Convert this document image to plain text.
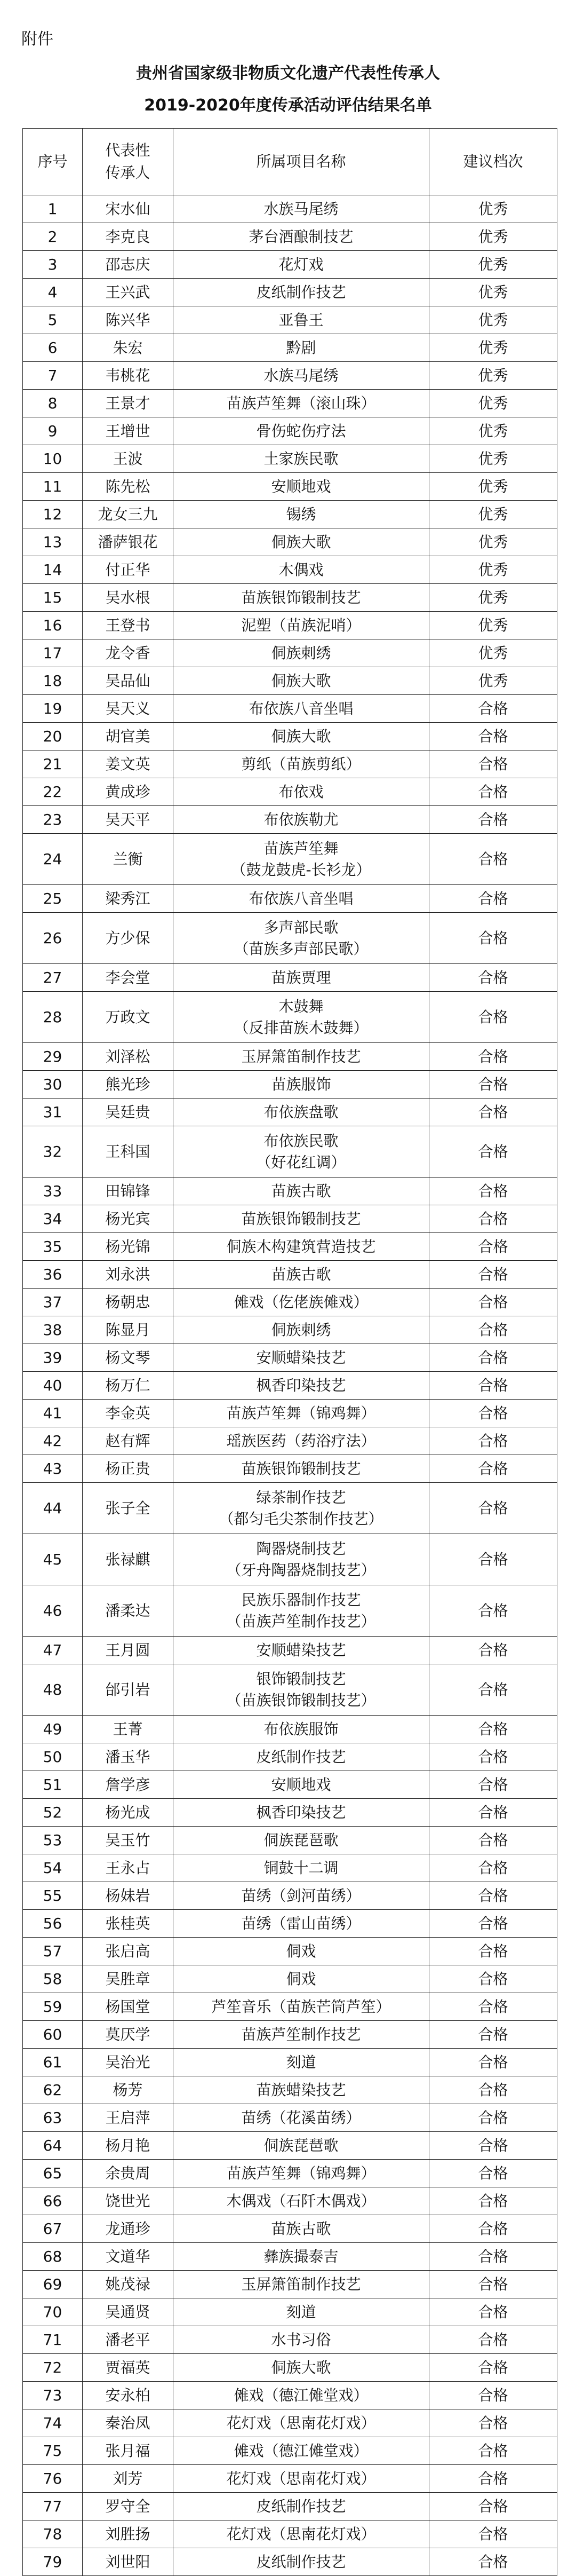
附件
贵州省国家级非物质文化遗产代表性传承人
2019-2020年度传承活动评估结果名单
序号	代表性传承人	所属项目名称	建议档次
1	宋水仙	水族马尾绣	优秀
2	李克良	茅台酒酿制技艺	优秀
3	邵志庆	花灯戏	优秀
4	王兴武	皮纸制作技艺	优秀
5	陈兴华	亚鲁王	优秀
6	朱宏	黔剧	优秀
7	韦桃花	水族马尾绣	优秀
8	王景才	苗族芦笙舞（滚山珠）	优秀
9	王增世	骨伤蛇伤疗法	优秀
10	王波	土家族民歌	优秀
11	陈先松	安顺地戏	优秀
12	龙女三九	锡绣	优秀
13	潘萨银花	侗族大歌	优秀
14	付正华	木偶戏	优秀
15	吴水根	苗族银饰锻制技艺	优秀
16	王登书	泥塑（苗族泥哨）	优秀
17	龙令香	侗族刺绣	优秀
18	吴品仙	侗族大歌	优秀
19	吴天义	布依族八音坐唱	合格
20	胡官美	侗族大歌	合格
21	姜文英	剪纸（苗族剪纸）	合格
22	黄成珍	布依戏	合格
23	吴天平	布依族勒尤	合格
24	兰衡	苗族芦笙舞
（鼓龙鼓虎-长衫龙）	合格
25	梁秀江	布依族八音坐唱	合格
26	方少保	多声部民歌
（苗族多声部民歌）	合格
27	李会堂	苗族贾理	合格
28	万政文	木鼓舞
（反排苗族木鼓舞）	合格
29	刘泽松	玉屏箫笛制作技艺	合格
30	熊光珍	苗族服饰	合格
31	吴廷贵	布依族盘歌	合格
32	王科国	布依族民歌
（好花红调）	合格
33	田锦锋	苗族古歌	合格
34	杨光宾	苗族银饰锻制技艺	合格
35	杨光锦	侗族木构建筑营造技艺	合格
36	刘永洪	苗族古歌	合格
37	杨朝忠	傩戏（仡佬族傩戏）	合格
38	陈显月	侗族刺绣	合格
39	杨文琴	安顺蜡染技艺	合格
40	杨万仁	枫香印染技艺	合格
41	李金英	苗族芦笙舞（锦鸡舞）	合格
42	赵有辉	瑶族医药（药浴疗法）	合格
43	杨正贵	苗族银饰锻制技艺	合格
44	张子全	绿茶制作技艺
（都匀毛尖茶制作技艺）	合格
45	张禄麒	陶器烧制技艺
（牙舟陶器烧制技艺）	合格
46	潘柔达	民族乐器制作技艺
（苗族芦笙制作技艺）	合格
47	王月圆	安顺蜡染技艺	合格
48	邰引岩	银饰锻制技艺
（苗族银饰锻制技艺）	合格
49	王菁	布依族服饰	合格
50	潘玉华	皮纸制作技艺	合格
51	詹学彦	安顺地戏	合格
52	杨光成	枫香印染技艺	合格
53	吴玉竹	侗族琵琶歌	合格
54	王永占	铜鼓十二调	合格
55	杨妹岩	苗绣（剑河苗绣）	合格
56	张桂英	苗绣（雷山苗绣）	合格
57	张启高	侗戏	合格
58	吴胜章	侗戏	合格
59	杨国堂	芦笙音乐（苗族芒筒芦笙）	合格
60	莫厌学	苗族芦笙制作技艺	合格
61	吴治光	刻道	合格
62	杨芳	苗族蜡染技艺	合格
63	王启萍	苗绣（花溪苗绣）	合格
64	杨月艳	侗族琵琶歌	合格
65	余贵周	苗族芦笙舞（锦鸡舞）	合格
66	饶世光	木偶戏（石阡木偶戏）	合格
67	龙通珍	苗族古歌	合格
68	文道华	彝族撮泰吉	合格
69	姚茂禄	玉屏箫笛制作技艺	合格
70	吴通贤	刻道	合格
71	潘老平	水书习俗	合格
72	贾福英	侗族大歌	合格
73	安永柏	傩戏（德江傩堂戏）	合格
74	秦治凤	花灯戏（思南花灯戏）	合格
75	张月福	傩戏（德江傩堂戏）	合格
76	刘芳	花灯戏（思南花灯戏）	合格
77	罗守全	皮纸制作技艺	合格
78	刘胜扬	花灯戏（思南花灯戏）	合格
79	刘世阳	皮纸制作技艺	合格
